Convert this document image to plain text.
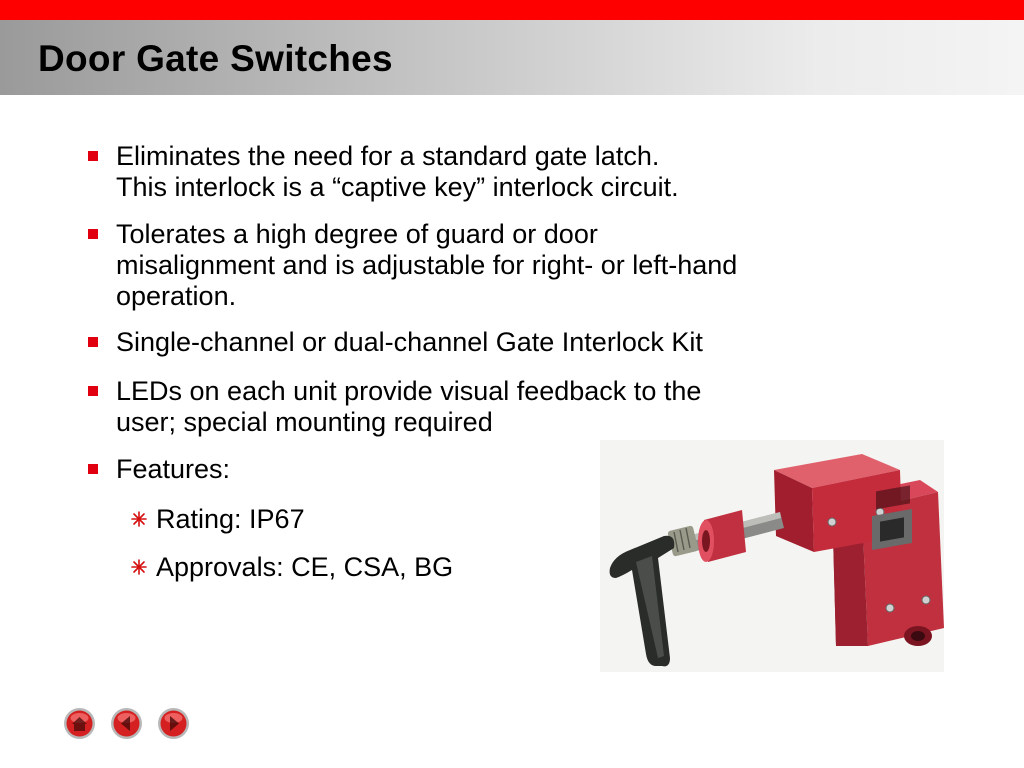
Door Gate Switches
Eliminates the need for a standard gate latch.
This interlock is a “captive key” interlock circuit.
Tolerates a high degree of guard or door
misalignment and is adjustable for right- or left-hand
operation.
Single-channel or dual-channel Gate Interlock Kit
LEDs on each unit provide visual feedback to the
user; special mounting required
Features:
Rating: IP67
Approvals: CE, CSA, BG
